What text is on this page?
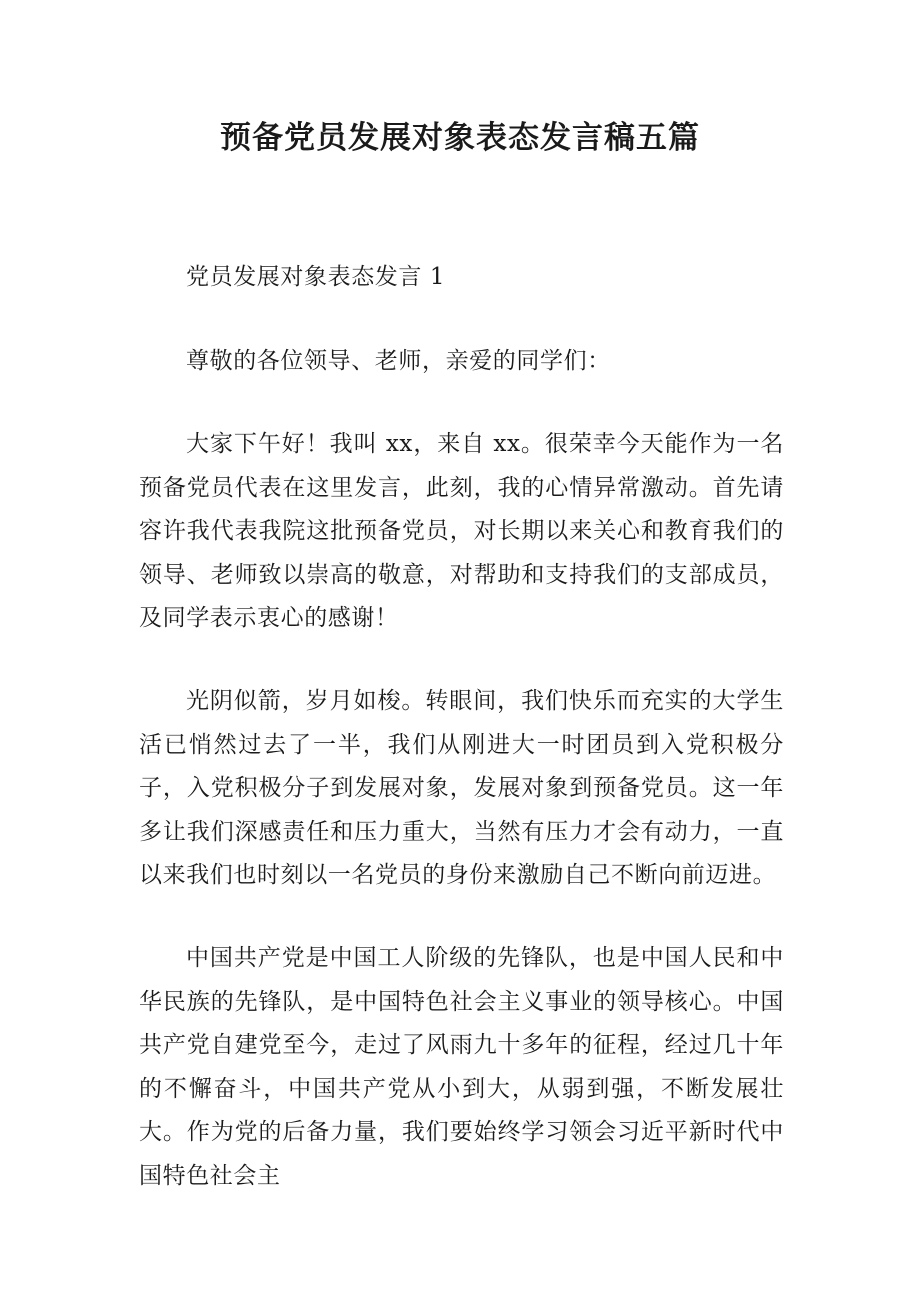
预备党员发展对象表态发言稿五篇

党员发展对象表态发言 1

尊敬的各位领导、老师，亲爱的同学们：

大家下午好！我叫 xx，来自 xx。很荣幸今天能作为一名预备党员代表在这里发言，此刻，我的心情异常激动。首先请容许我代表我院这批预备党员，对长期以来关心和教育我们的领导、老师致以崇高的敬意，对帮助和支持我们的支部成员，及同学表示衷心的感谢！

光阴似箭，岁月如梭。转眼间，我们快乐而充实的大学生活已悄然过去了一半，我们从刚进大一时团员到入党积极分子，入党积极分子到发展对象，发展对象到预备党员。这一年多让我们深感责任和压力重大，当然有压力才会有动力，一直以来我们也时刻以一名党员的身份来激励自己不断向前迈进。

中国共产党是中国工人阶级的先锋队，也是中国人民和中华民族的先锋队，是中国特色社会主义事业的领导核心。中国共产党自建党至今，走过了风雨九十多年的征程，经过几十年的不懈奋斗，中国共产党从小到大，从弱到强，不断发展壮大。作为党的后备力量，我们要始终学习领会习近平新时代中国特色社会主
